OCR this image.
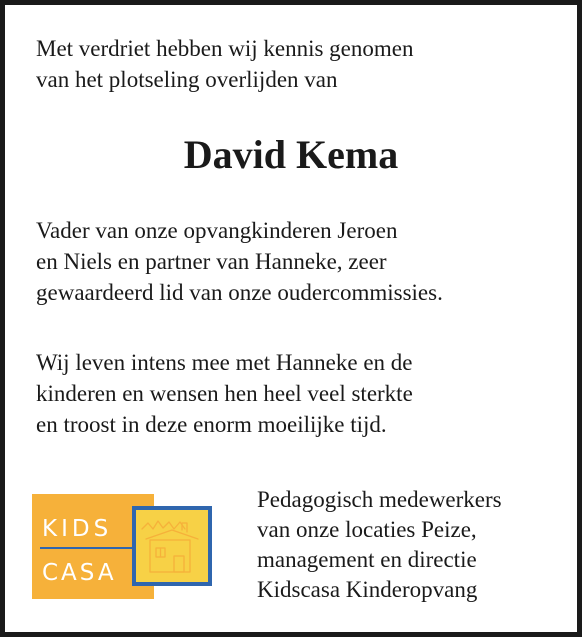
Met verdriet hebben wij kennis genomen
van het plotseling overlijden van

David Kema

Vader van onze opvangkinderen Jeroen
en Niels en partner van Hanneke, zeer
gewaardeerd lid van onze oudercommissies.

Wij leven intens mee met Hanneke en de
kinderen en wensen hen heel veel sterkte
en troost in deze enorm moeilijke tijd.

KIDS
CASA

Pedagogisch medewerkers
van onze locaties Peize,
management en directie
Kidscasa Kinderopvang
